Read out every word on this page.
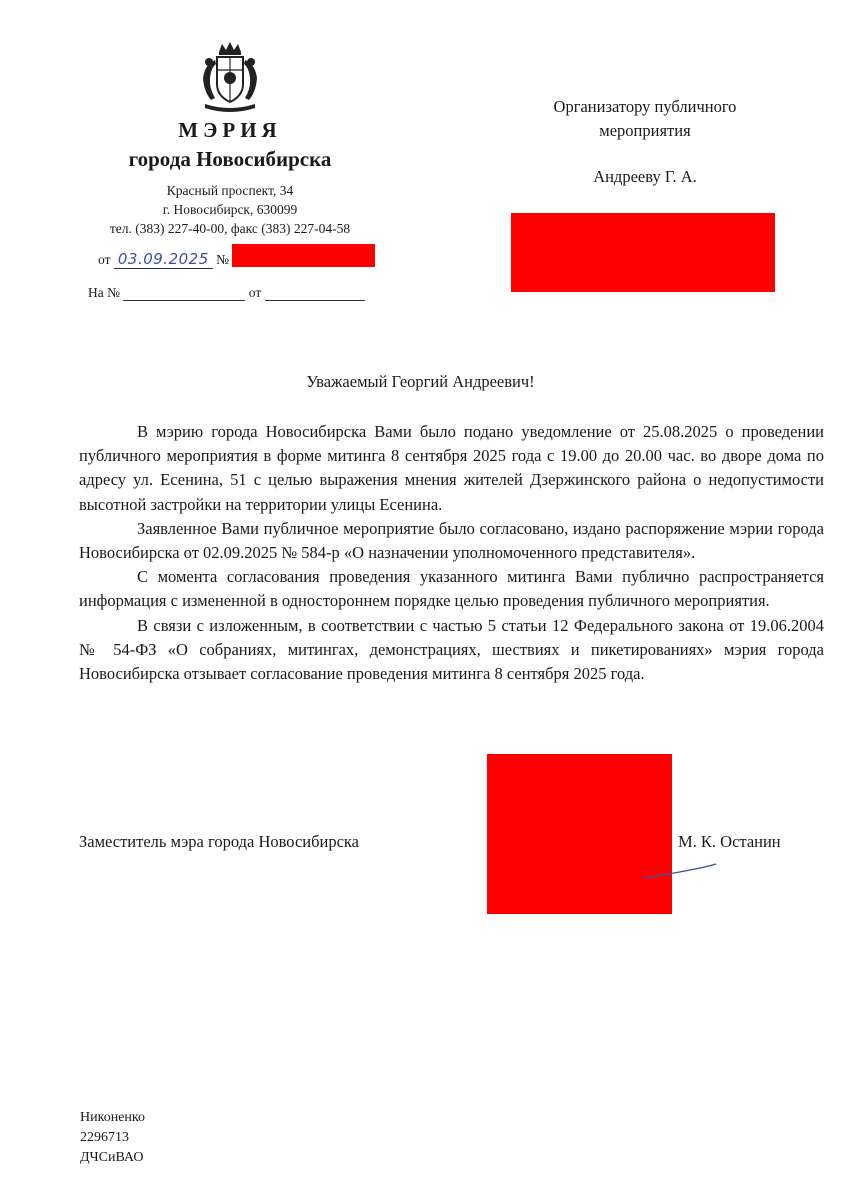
МЭРИЯ
города Новосибирска
Красный проспект, 34
г. Новосибирск, 630099
тел. (383) 227-40-00, факс (383) 227-04-58
от 03.09.2025 №
На №	от
Организатору публичного
мероприятия
Андрееву Г. А.
Уважаемый Георгий Андреевич!

В мэрию города Новосибирска Вами было подано уведомление от 25.08.2025 о проведении публичного мероприятия в форме митинга 8 сентября 2025 года с 19.00 до 20.00 час. во дворе дома по адресу ул. Есенина, 51 с целью выражения мнения жителей Дзержинского района о недопустимости высотной застройки на территории улицы Есенина.

Заявленное Вами публичное мероприятие было согласовано, издано распоряжение мэрии города Новосибирска от 02.09.2025 № 584-р «О назначении уполномоченного представителя».

С момента согласования проведения указанного митинга Вами публично распространяется информация с измененной в одностороннем порядке целью проведения публичного мероприятия.

В связи с изложенным, в соответствии с частью 5 статьи 12 Федерального закона от 19.06.2004 № 54-ФЗ «О собраниях, митингах, демонстрациях, шествиях и пикетированиях» мэрия города Новосибирска отзывает согласование проведения митинга 8 сентября 2025 года.

Заместитель мэра города Новосибирска	М. К. Останин
Никоненко
2296713
ДЧСиВАО
